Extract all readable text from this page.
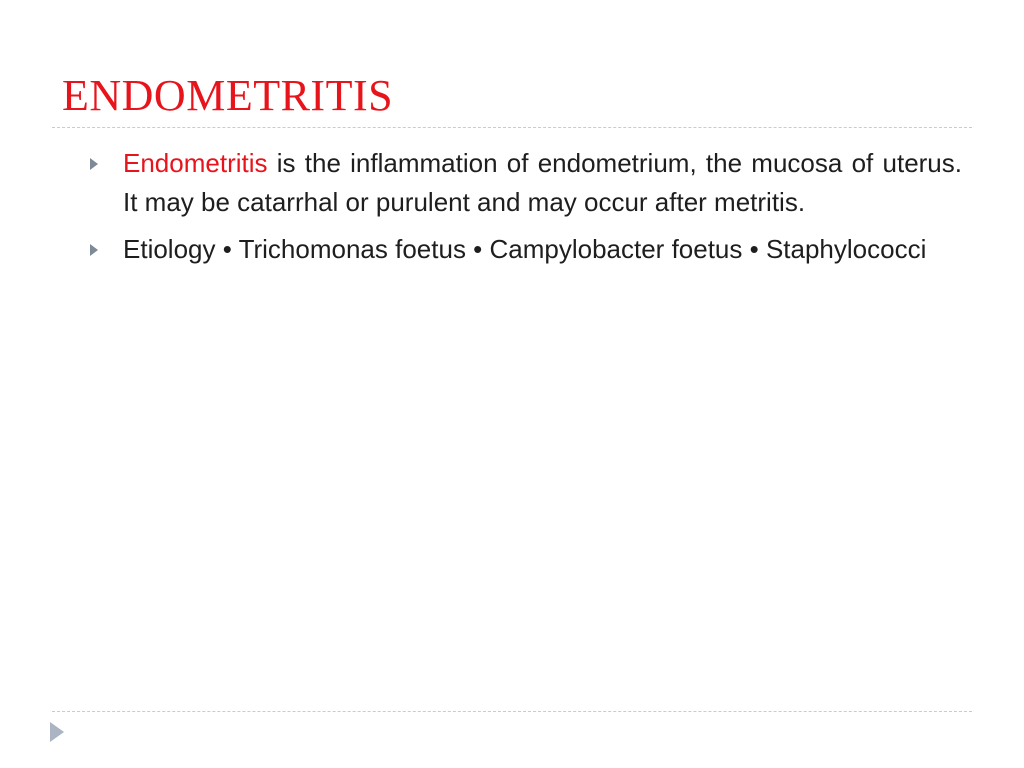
ENDOMETRITIS
Endometritis is the inflammation of endometrium, the mucosa of uterus. It may be catarrhal or purulent and may occur after metritis.
Etiology • Trichomonas foetus • Campylobacter foetus • Staphylococci
